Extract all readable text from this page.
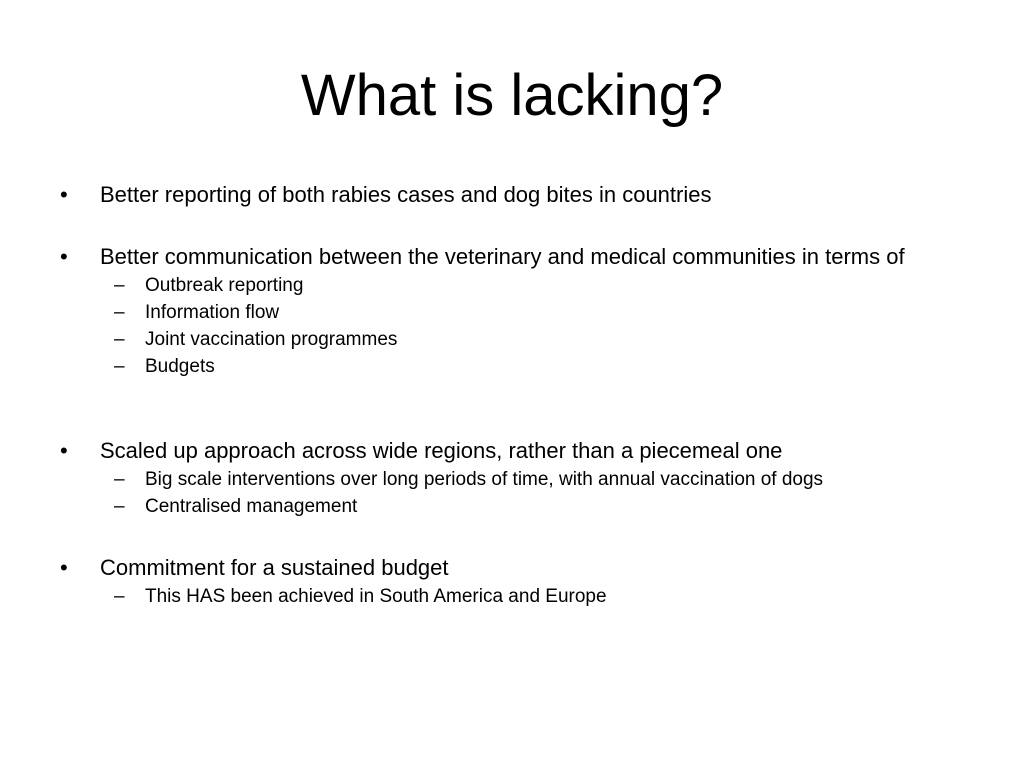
What is lacking?
• Better reporting of both rabies cases and dog bites in countries
• Better communication between the veterinary and medical communities in terms of
– Outbreak reporting
– Information flow
– Joint vaccination programmes
– Budgets
• Scaled up approach across wide regions, rather than a piecemeal one
– Big scale interventions over long periods of time, with annual vaccination of dogs
– Centralised management
• Commitment for a sustained budget
– This HAS been achieved in South America and Europe
